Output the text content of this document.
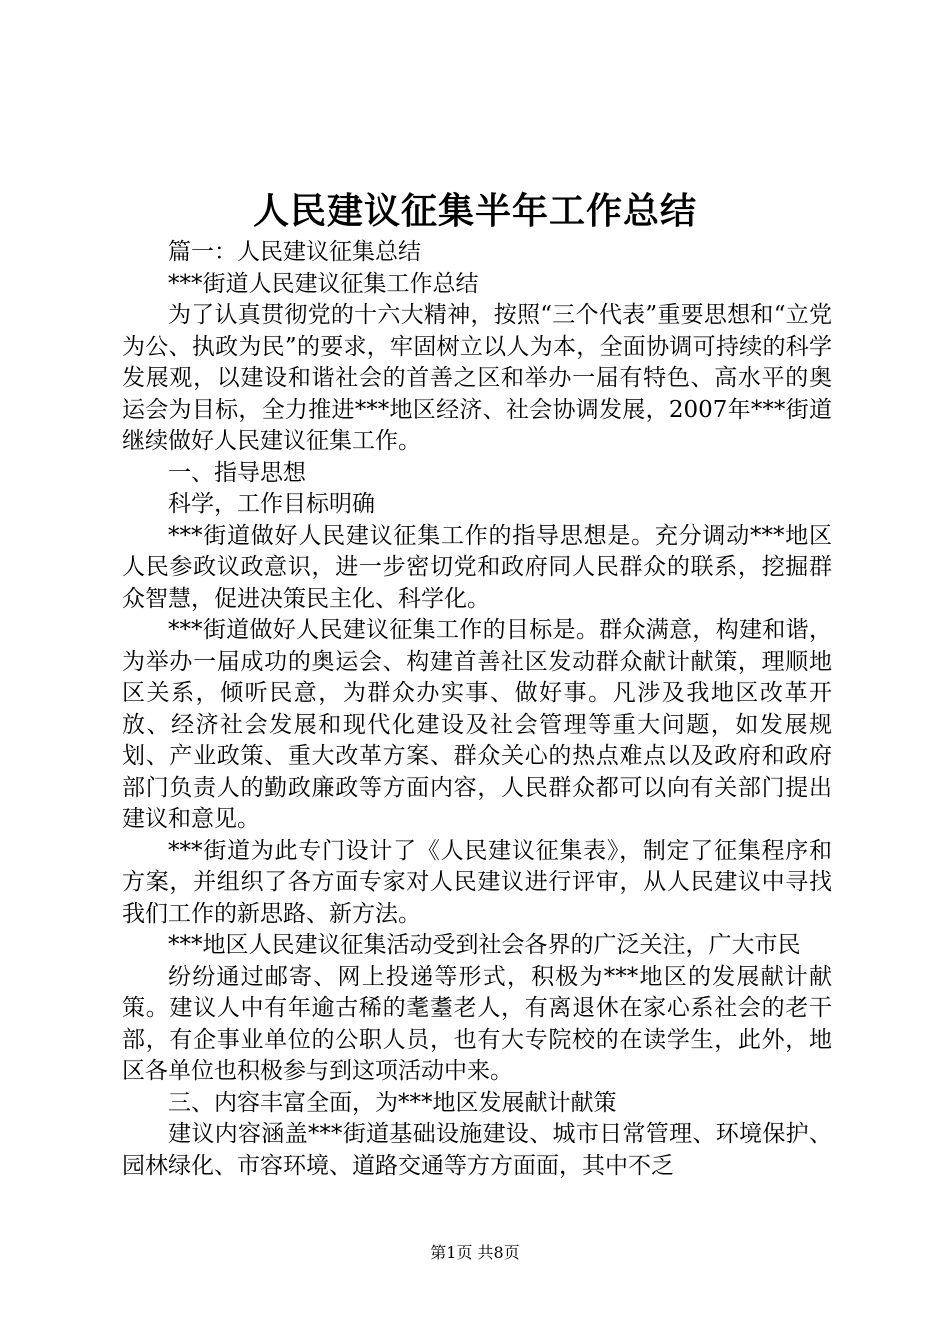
人民建议征集半年工作总结

篇一：人民建议征集总结

***街道人民建议征集工作总结

为了认真贯彻党的十六大精神，按照“三个代表”重要思想和“立党为公、执政为民”的要求，牢固树立以人为本，全面协调可持续的科学发展观，以建设和谐社会的首善之区和举办一届有特色、高水平的奥运会为目标，全力推进***地区经济、社会协调发展，2007年***街道继续做好人民建议征集工作。

一、指导思想

科学，工作目标明确

***街道做好人民建议征集工作的指导思想是。充分调动***地区人民参政议政意识，进一步密切党和政府同人民群众的联系，挖掘群众智慧，促进决策民主化、科学化。

***街道做好人民建议征集工作的目标是。群众满意，构建和谐，为举办一届成功的奥运会、构建首善社区发动群众献计献策，理顺地区关系，倾听民意，为群众办实事、做好事。凡涉及我地区改革开放、经济社会发展和现代化建设及社会管理等重大问题，如发展规划、产业政策、重大改革方案、群众关心的热点难点以及政府和政府部门负责人的勤政廉政等方面内容，人民群众都可以向有关部门提出建议和意见。

***街道为此专门设计了《人民建议征集表》，制定了征集程序和方案，并组织了各方面专家对人民建议进行评审，从人民建议中寻找我们工作的新思路、新方法。

***地区人民建议征集活动受到社会各界的广泛关注，广大市民

纷纷通过邮寄、网上投递等形式，积极为***地区的发展献计献策。建议人中有年逾古稀的耄耋老人，有离退休在家心系社会的老干部，有企事业单位的公职人员，也有大专院校的在读学生，此外，地区各单位也积极参与到这项活动中来。

三、内容丰富全面，为***地区发展献计献策

建议内容涵盖***街道基础设施建设、城市日常管理、环境保护、园林绿化、市容环境、道路交通等方方面面，其中不乏

第1页 共8页
